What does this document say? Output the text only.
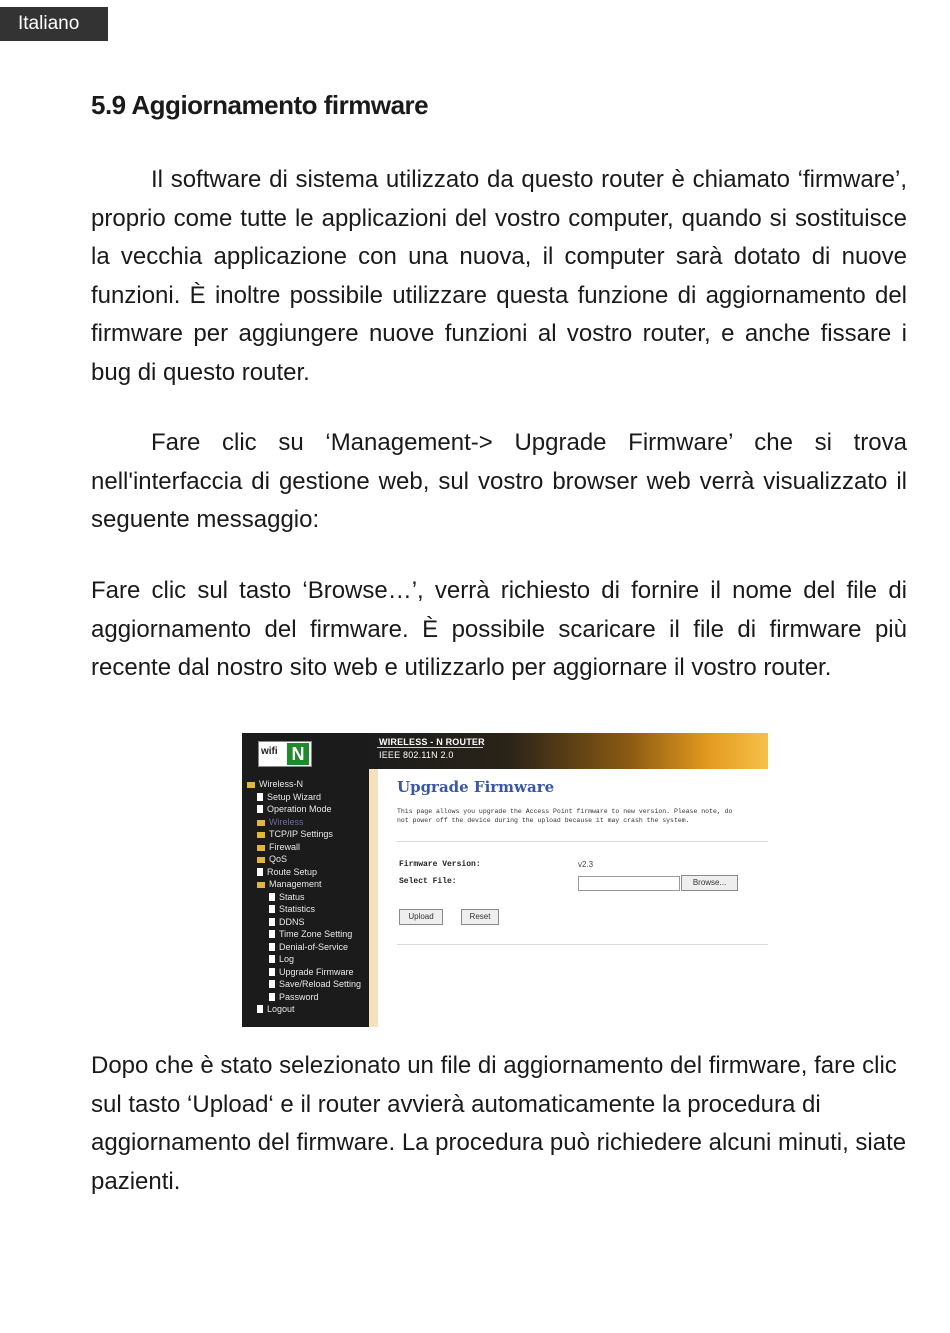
Italiano
5.9 Aggiornamento firmware

Il software di sistema utilizzato da questo router è chiamato ‘firmware’, proprio come tutte le applicazioni del vostro computer, quando si sostituisce la vecchia applicazione con una nuova, il computer sarà dotato di nuove funzioni. È inoltre possibile utilizzare questa funzione di aggiornamento del firmware per aggiungere nuove funzioni al vostro router, e anche fissare i bug di questo router.

Fare clic su ‘Management-> Upgrade Firmware’ che si trova nell'interfaccia di gestione web, sul vostro browser web verrà visualizzato il seguente messaggio:

Fare clic sul tasto ‘Browse…’, verrà richiesto di fornire il nome del file di aggiornamento del firmware. È possibile scaricare il file di firmware più recente dal nostro sito web e utilizzarlo per aggiornare il vostro router.

wifi N
Wireless-N
Setup Wizard
Operation Mode
Wireless
TCP/IP Settings
Firewall
QoS
Route Setup
Management
Status
Statistics
DDNS
Time Zone Setting
Denial-of-Service
Log
Upgrade Firmware
Save/Reload Setting
Password
Logout
WIRELESS - N ROUTER
IEEE 802.11N 2.0
Upgrade Firmware

This page allows you upgrade the Access Point firmware to new version. Please note, do not power off the device during the upload because it may crash the system.

Firmware Version:	v2.3
Select File:	Browse...
Upload	Reset

Dopo che è stato selezionato un file di aggiornamento del firmware, fare clic sul tasto ‘Upload‘ e il router avvierà automaticamente la procedura di aggiornamento del firmware. La procedura può richiedere alcuni minuti, siate pazienti.
